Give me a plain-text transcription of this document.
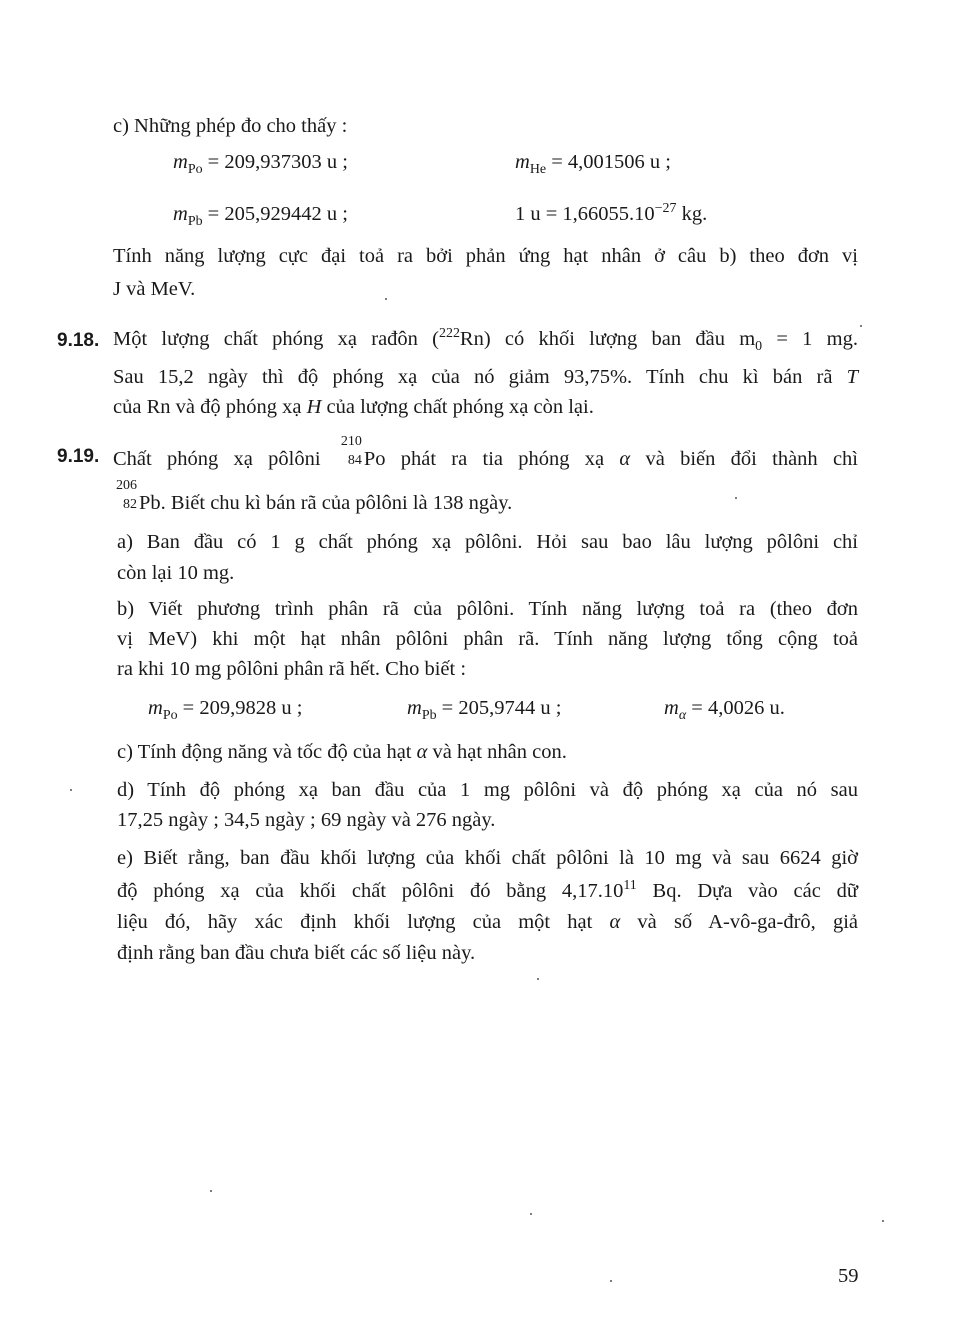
c) Những phép đo cho thấy :
$m_{Po} = 209,937303$ u ;	$m_{He} = 4,001506$ u ;
$m_{Pb} = 205,929442$ u ;	1 $u = 1,66055.10^{-27}$ kg.
Tính năng lượng cực đại toả ra bởi phản ứng hạt nhân ở câu b) theo đơn vị
J và MeV.
9.18. Một lượng chất phóng xạ rađôn ($^{222}$Rn) có khối lượng ban đầu $m_0 = 1$ mg.
Sau 15,2 ngày thì độ phóng xạ của nó giảm 93,75%. Tính chu kì bán rã T
của Rn và độ phóng xạ H của lượng chất phóng xạ còn lại.
9.19. Chất phóng xạ pôlôni
210
84 Po phát ra tia phóng xạ α và biến đổi thành chì
206
82 Pb. Biết chu kì bán rã của pôlôni là 138 ngày.
a) Ban đầu có 1 g chất phóng xạ pôlôni. Hỏi sau bao lâu lượng pôlôni chỉ
còn lại 10 mg.
b) Viết phương trình phân rã của pôlôni. Tính năng lượng toả ra (theo đơn
vị MeV) khi một hạt nhân pôlôni phân rã. Tính năng lượng tổng cộng toả
ra khi 10 mg pôlôni phân rã hết. Cho biết :
$m_{Po} = 209,9828$ u ;	$m_{Pb} = 205,9744$ u ;	$m_\alpha = 4,0026$ u.
c) Tính động năng và tốc độ của hạt α và hạt nhân con.
d) Tính độ phóng xạ ban đầu của 1 mg pôlôni và độ phóng xạ của nó sau
17,25 ngày ; 34,5 ngày ; 69 ngày và 276 ngày.
e) Biết rằng, ban đầu khối lượng của khối chất pôlôni là 10 mg và sau 6624 giờ
độ phóng xạ của khối chất pôlôni đó bằng 4,17.10$^{11}$ Bq. Dựa vào các dữ
liệu đó, hãy xác định khối lượng của một hạt α và số A-vô-ga-đrô, giả
định rằng ban đầu chưa biết các số liệu này.
59
